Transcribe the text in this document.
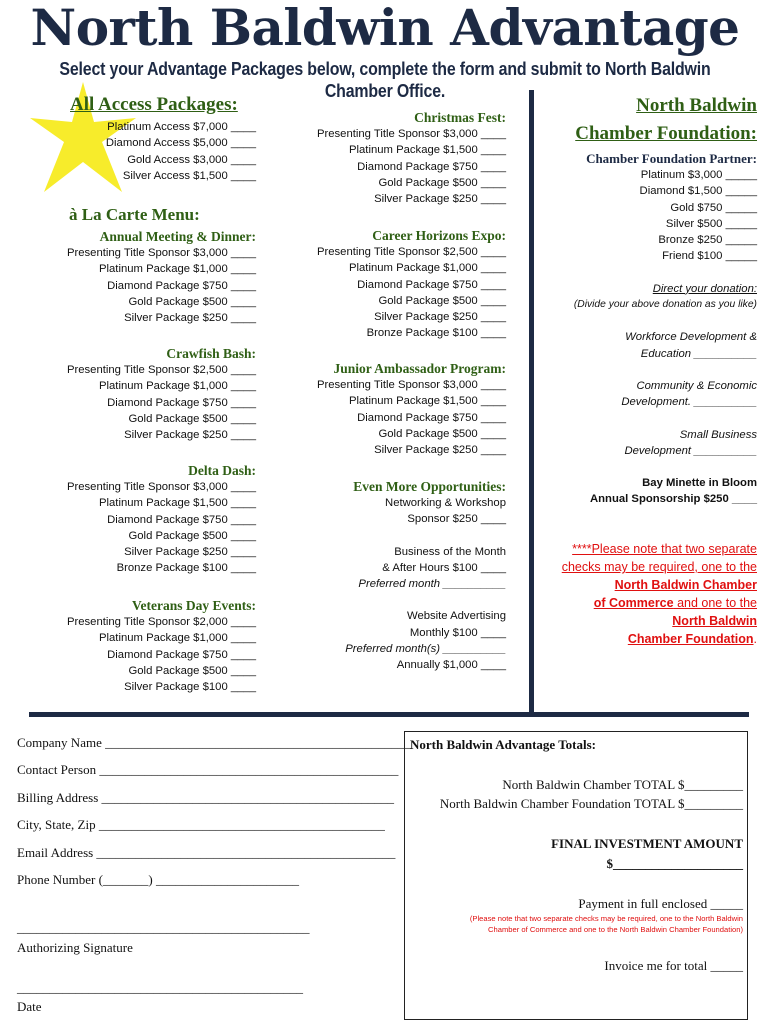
North Baldwin Advantage
Select your Advantage Packages below, complete the form and submit to North Baldwin Chamber Office.
All Access Packages:
Platinum Access $7,000 ____
Diamond Access $5,000 ____
Gold Access $3,000 ____
Silver Access $1,500 ____
à La Carte Menu:
Annual Meeting & Dinner:
Presenting Title Sponsor $3,000 ____
Platinum Package $1,000 ____
Diamond Package $750 ____
Gold Package $500 ____
Silver Package $250 ____
Crawfish Bash:
Presenting Title Sponsor $2,500 ____
Platinum Package $1,000 ____
Diamond Package $750 ____
Gold Package $500 ____
Silver Package $250 ____
Delta Dash:
Presenting Title Sponsor $3,000 ____
Platinum Package $1,500 ____
Diamond Package $750 ____
Gold Package $500 ____
Silver Package $250 ____
Bronze Package $100 ____
Veterans Day Events:
Presenting Title Sponsor $2,000 ____
Platinum Package $1,000 ____
Diamond Package $750 ____
Gold Package $500 ____
Silver Package $100 ____
Christmas Fest:
Presenting Title Sponsor $3,000 ____
Platinum Package $1,500 ____
Diamond Package $750 ____
Gold Package $500 ____
Silver Package $250 ____
Career Horizons Expo:
Presenting Title Sponsor $2,500 ____
Platinum Package $1,000 ____
Diamond Package $750 ____
Gold Package $500 ____
Silver Package $250 ____
Bronze Package $100 ____
Junior Ambassador Program:
Presenting Title Sponsor $3,000 ____
Platinum Package $1,500 ____
Diamond Package $750 ____
Gold Package $500 ____
Silver Package $250 ____
Even More Opportunities:
Networking & Workshop
Sponsor $250 ____
Business of the Month
& After Hours $100 ____
Preferred month __________
Website Advertising
Monthly $100 ____
Preferred month(s) __________
Annually $1,000 ____
North Baldwin
Chamber Foundation:
Chamber Foundation Partner:
Platinum $3,000 _____
Diamond $1,500 _____
Gold $750 _____
Silver $500 _____
Bronze $250 _____
Friend $100 _____
Direct your donation:
(Divide your above donation as you like)
Workforce Development &
Education __________
Community & Economic
Development. __________
Small Business
Development __________
Bay Minette in Bloom
Annual Sponsorship $250 ____
****Please note that two separate
checks may be required, one to the
North Baldwin Chamber
of Commerce and one to the
North Baldwin
Chamber Foundation.
Company Name _______________________________________________
Contact Person ______________________________________________
Billing Address _____________________________________________
City, State, Zip ____________________________________________
Email Address ______________________________________________
Phone Number (_______) ______________________
_____________________________________________
Authorizing Signature
____________________________________________
Date
North Baldwin Advantage Totals:
North Baldwin Chamber TOTAL $_________
North Baldwin Chamber Foundation TOTAL $_________
FINAL INVESTMENT AMOUNT
$____________________
Payment in full enclosed _____
(Please note that two separate checks may be required, one to the North Baldwin
Chamber of Commerce and one to the North Baldwin Chamber Foundation)
Invoice me for total _____
